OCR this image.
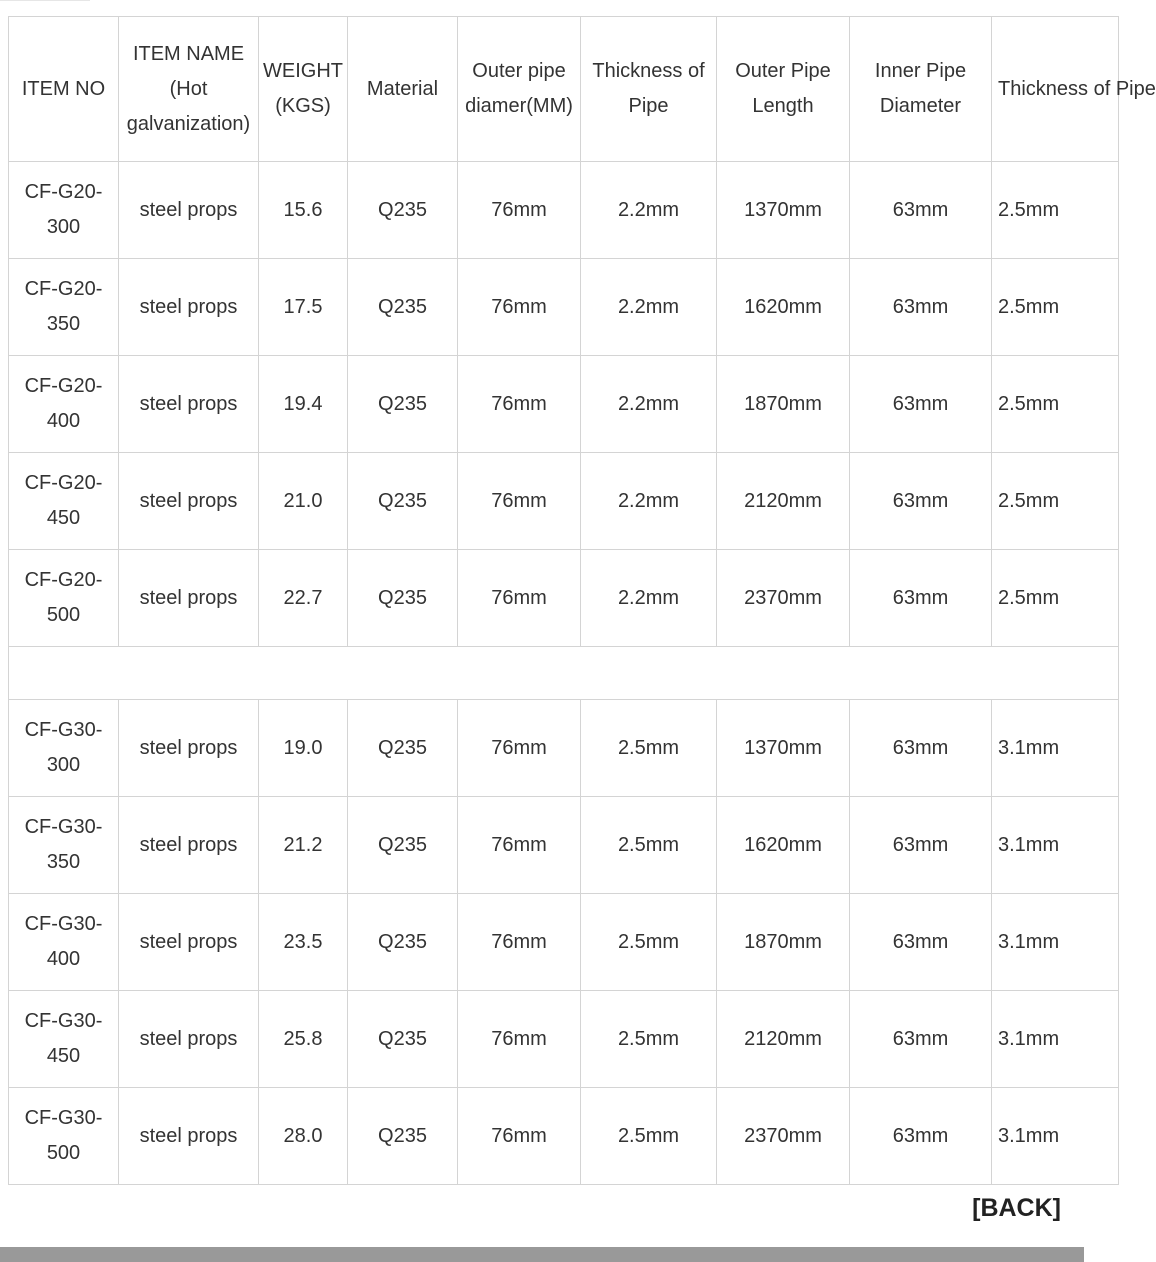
ITEM NO	ITEM NAME (Hot galvanization)	WEIGHT (KGS)	Material	Outer pipe diamer(MM)	Thickness of Pipe	Outer Pipe Length	Inner Pipe Diameter	Thickness of Pipe
CF-G20-300	steel props	15.6	Q235	76mm	2.2mm	1370mm	63mm	2.5mm
CF-G20-350	steel props	17.5	Q235	76mm	2.2mm	1620mm	63mm	2.5mm
CF-G20-400	steel props	19.4	Q235	76mm	2.2mm	1870mm	63mm	2.5mm
CF-G20-450	steel props	21.0	Q235	76mm	2.2mm	2120mm	63mm	2.5mm
CF-G20-500	steel props	22.7	Q235	76mm	2.2mm	2370mm	63mm	2.5mm

CF-G30-300	steel props	19.0	Q235	76mm	2.5mm	1370mm	63mm	3.1mm
CF-G30-350	steel props	21.2	Q235	76mm	2.5mm	1620mm	63mm	3.1mm
CF-G30-400	steel props	23.5	Q235	76mm	2.5mm	1870mm	63mm	3.1mm
CF-G30-450	steel props	25.8	Q235	76mm	2.5mm	2120mm	63mm	3.1mm
CF-G30-500	steel props	28.0	Q235	76mm	2.5mm	2370mm	63mm	3.1mm
[BACK]
